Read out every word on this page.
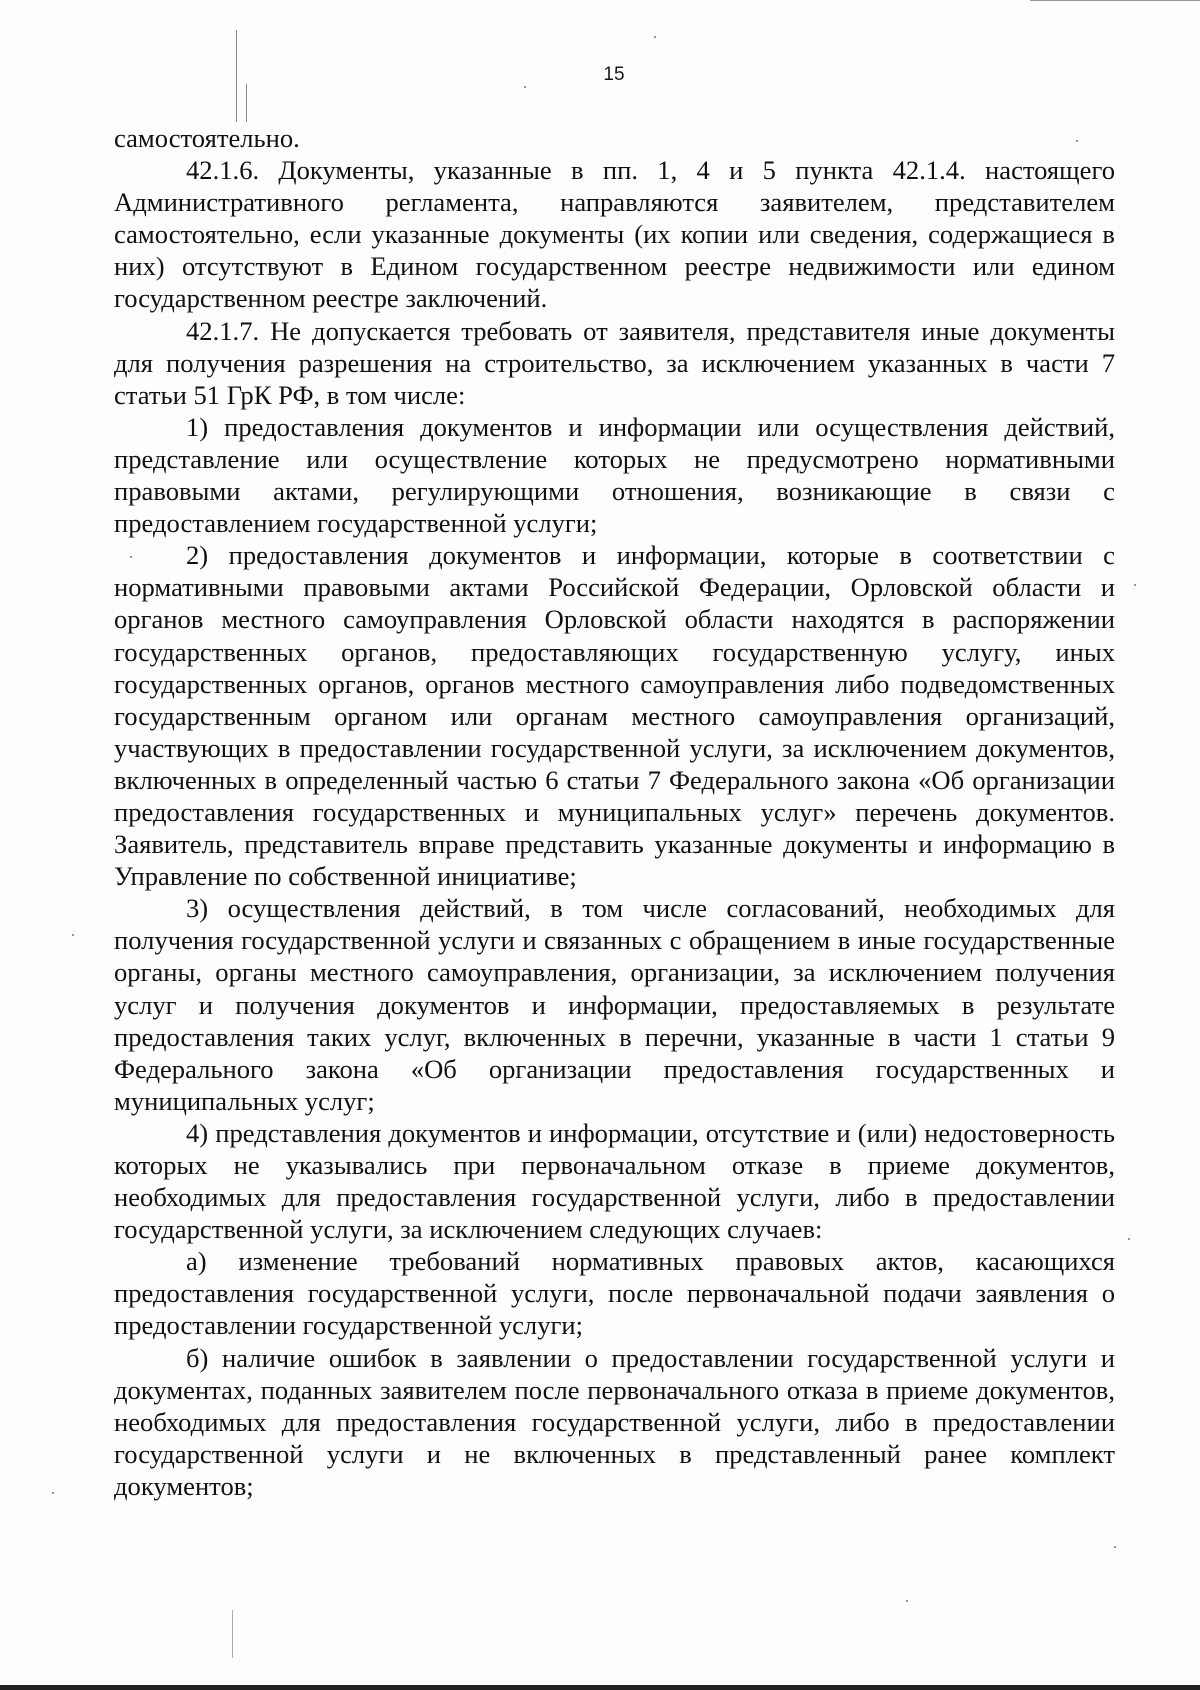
15

самостоятельно.

42.1.6. Документы, указанные в пп. 1, 4 и 5 пункта 42.1.4. настоящего Административного регламента, направляются заявителем, представителем самостоятельно, если указанные документы (их копии или сведения, содержащиеся в них) отсутствуют в Едином государственном реестре недвижимости или едином государственном реестре заключений.

42.1.7. Не допускается требовать от заявителя, представителя иные документы для получения разрешения на строительство, за исключением указанных в части 7 статьи 51 ГрК РФ, в том числе:

1) предоставления документов и информации или осуществления действий, представление или осуществление которых не предусмотрено нормативными правовыми актами, регулирующими отношения, возникающие в связи с предоставлением государственной услуги;

2) предоставления документов и информации, которые в соответствии с нормативными правовыми актами Российской Федерации, Орловской области и органов местного самоуправления Орловской области находятся в распоряжении государственных органов, предоставляющих государственную услугу, иных государственных органов, органов местного самоуправления либо подведомственных государственным органом или органам местного самоуправления организаций, участвующих в предоставлении государственной услуги, за исключением документов, включенных в определенный частью 6 статьи 7 Федерального закона «Об организации предоставления государственных и муниципальных услуг» перечень документов. Заявитель, представитель вправе представить указанные документы и информацию в Управление по собственной инициативе;

3) осуществления действий, в том числе согласований, необходимых для получения государственной услуги и связанных с обращением в иные государственные органы, органы местного самоуправления, организации, за исключением получения услуг и получения документов и информации, предоставляемых в результате предоставления таких услуг, включенных в перечни, указанные в части 1 статьи 9 Федерального закона «Об организации предоставления государственных и муниципальных услуг;

4) представления документов и информации, отсутствие и (или) недостоверность которых не указывались при первоначальном отказе в приеме документов, необходимых для предоставления государственной услуги, либо в предоставлении государственной услуги, за исключением следующих случаев:

а) изменение требований нормативных правовых актов, касающихся предоставления государственной услуги, после первоначальной подачи заявления о предоставлении государственной услуги;

б) наличие ошибок в заявлении о предоставлении государственной услуги и документах, поданных заявителем после первоначального отказа в приеме документов, необходимых для предоставления государственной услуги, либо в предоставлении государственной услуги и не включенных в представленный ранее комплект документов;
